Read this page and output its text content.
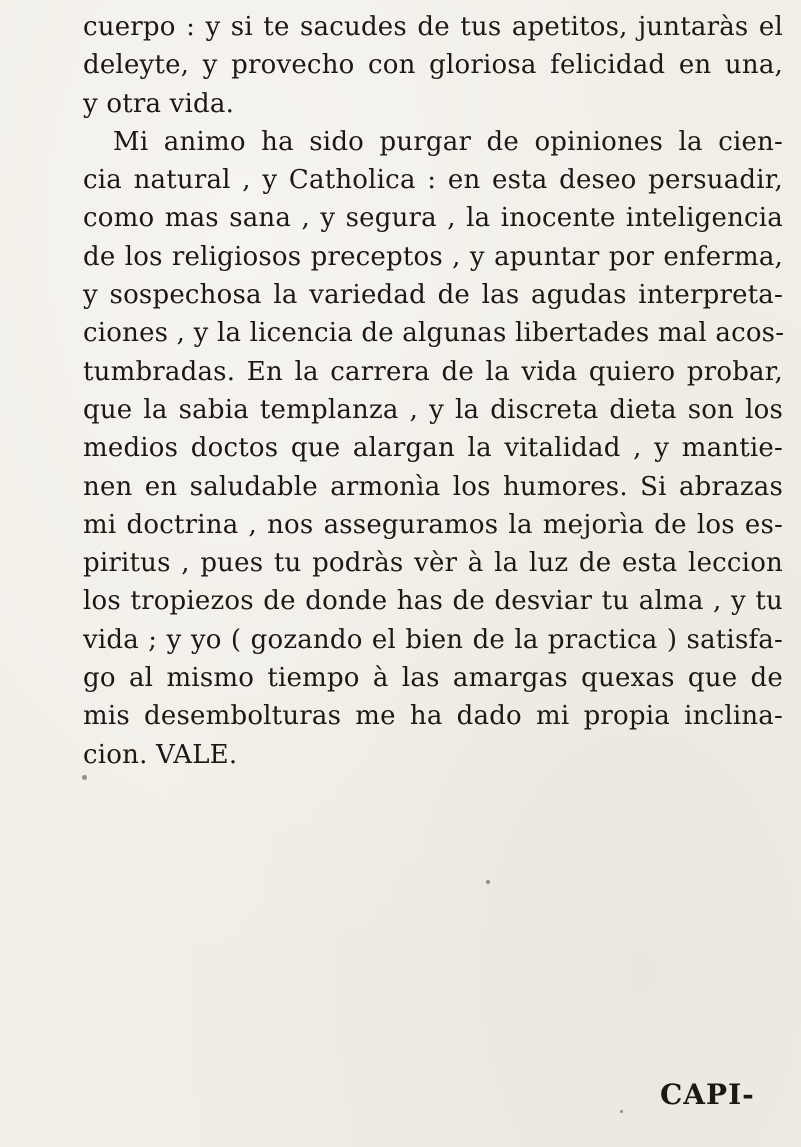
cuerpo : y si te sacudes de tus apetitos, juntaràs el
deleyte, y provecho con gloriosa felicidad en una,
y otra vida.
Mi animo ha sido purgar de opiniones la cien-
cia natural , y Catholica : en esta deseo persuadir,
como mas sana , y segura , la inocente inteligencia
de los religiosos preceptos , y apuntar por enferma,
y sospechosa la variedad de las agudas interpreta-
ciones , y la licencia de algunas libertades mal acos-
tumbradas. En la carrera de la vida quiero probar,
que la sabia templanza , y la discreta dieta son los
medios doctos que alargan la vitalidad , y mantie-
nen en saludable armonìa los humores. Si abrazas
mi doctrina , nos asseguramos la mejorìa de los es-
piritus , pues tu podràs vèr à la luz de esta leccion
los tropiezos de donde has de desviar tu alma , y tu
vida ; y yo ( gozando el bien de la practica ) satisfa-
go al mismo tiempo à las amargas quexas que de
mis desembolturas me ha dado mi propia inclina-
cion. VALE.
CAPI-
